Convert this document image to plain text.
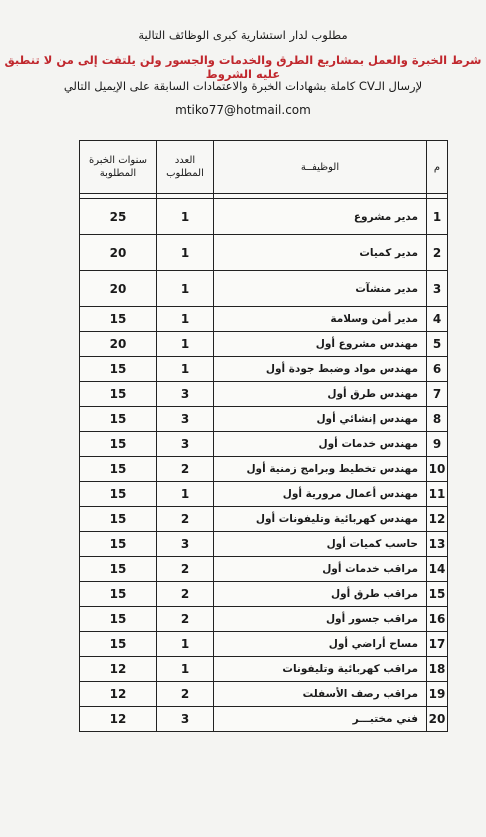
مطلوب لدار استشارية كبرى الوظائف التالية
شرط الخبرة والعمل بمشاريع الطرق والخدمات والجسور ولن يلتفت إلى من لا تنطبق عليه الشروط
لإرسال الـCV كاملة بشهادات الخبرة والاعتمادات السابقة على الإيميل التالي
mtiko77@hotmail.com
م	الوظيفــة	العدد المطلوب	سنوات الخبرة المطلوبة

1	مدير مشروع	1	25
2	مدير كميات	1	20
3	مدير منشآت	1	20
4	مدير أمن وسلامة	1	15
5	مهندس مشروع أول	1	20
6	مهندس مواد وضبط جودة أول	1	15
7	مهندس طرق أول	3	15
8	مهندس إنشائي أول	3	15
9	مهندس خدمات أول	3	15
10	مهندس تخطيط وبرامج زمنية أول	2	15
11	مهندس أعمال مرورية أول	1	15
12	مهندس كهربائية وتليفونات أول	2	15
13	حاسب كميات أول	3	15
14	مراقب خدمات أول	2	15
15	مراقب طرق أول	2	15
16	مراقب جسور أول	2	15
17	مساح أراضي أول	1	15
18	مراقب كهربائية وتليفونات	1	12
19	مراقب رصف الأسفلت	2	12
20	فني مختبـــر	3	12
